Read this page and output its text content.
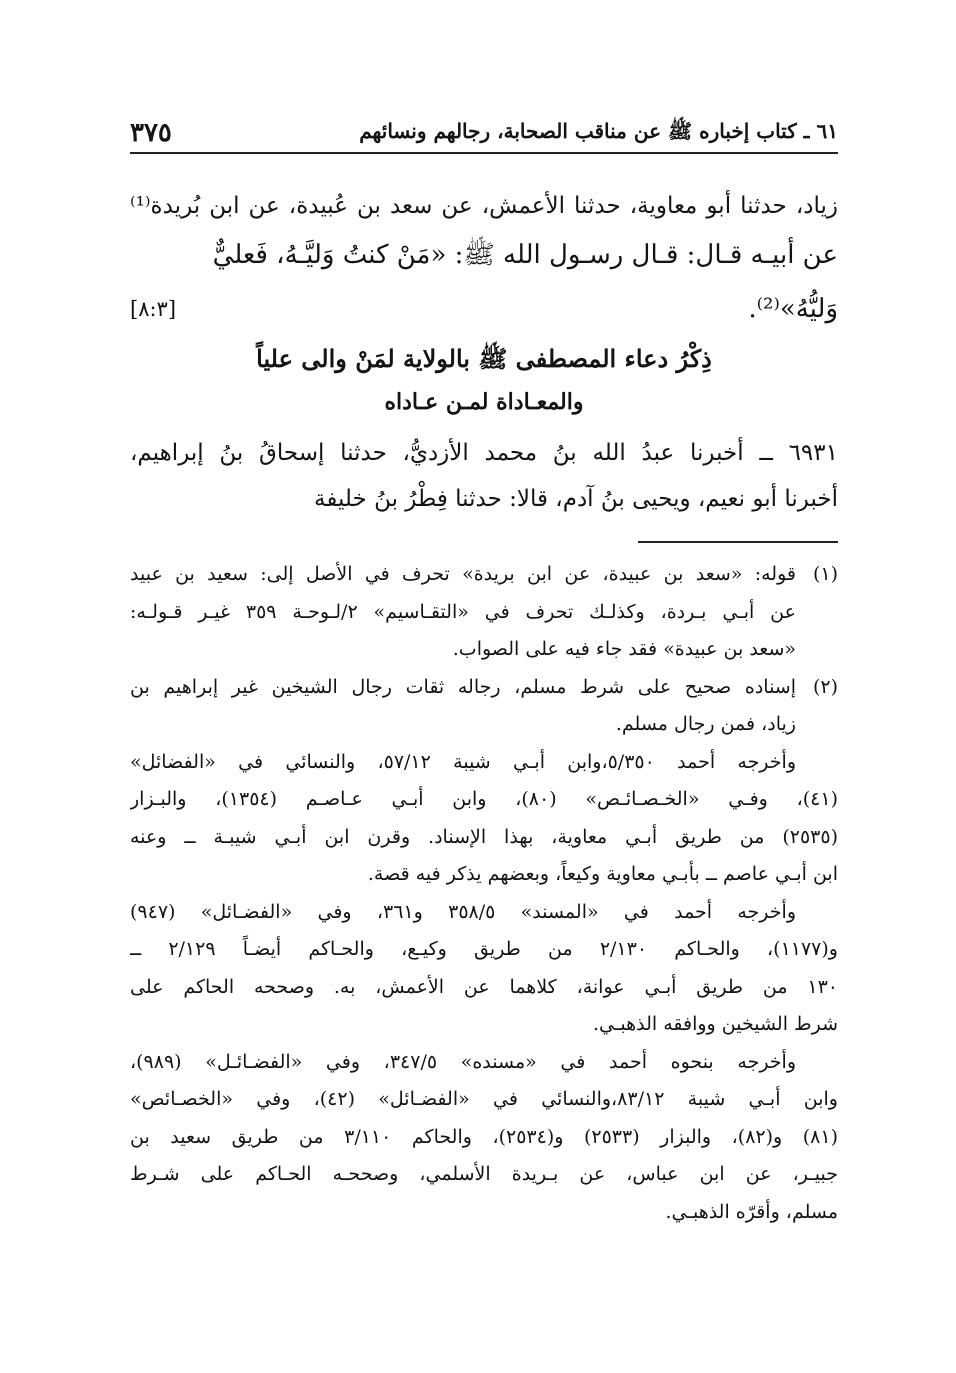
٦١ ـ كتاب إخباره ﷺ عن مناقب الصحابة، رجالهم ونسائهم
٣٧٥
زياد، حدثنا أبو معاوية، حدثنا الأعمش، عن سعد بن عُبيدة، عن ابن بُريدة⁽¹⁾
عن أبيـه قـال: قـال رسـول الله ﷺ: «مَنْ كنتُ وَليَّـهُ، فَعليٌّ
وَليُّهُ»⁽²⁾.
[٨:٣]
ذِكْرُ دعاء المصطفى ﷺ بالولاية لمَنْ والى علياً
والمعـاداة لمـن عـاداه
٦٩٣١ ــ أخبرنا عبدُ الله بنُ محمد الأزديُّ، حدثنا إسحاقُ بنُ إبراهيم،
أخبرنا أبو نعيم، ويحيى بنُ آدم، قالا: حدثنا فِطْرُ بنُ خليفة
(١)
قوله: «سعد بن عبيدة، عن ابن بريدة» تحرف في الأصل إلى: سعيد بن عبيد
عن أبـي بـردة، وكذلـك تحرف في «التقـاسيم» ٢/لـوحـة ٣٥٩ غيـر قـولـه:
«سعد بن عبيدة» فقد جاء فيه على الصواب.
(٢)
إسناده صحيح على شرط مسلم، رجاله ثقات رجال الشيخين غير إبراهيم بن
زياد، فمن رجال مسلم.
وأخرجه أحمد ٥/٣٥٠،وابن أبـي شيبة ٥٧/١٢، والنسائي في «الفضائل»
(٤١)، وفـي «الخـصـائـص» (٨٠)، وابن أبـي عـاصـم (١٣٥٤)، والبـزار
(٢٥٣٥) من طريق أبـي معاوية، بهذا الإسناد. وقرن ابن أبـي شيبـة ــ وعنه
ابن أبـي عاصم ــ بأبـي معاوية وكيعاً، وبعضهم يذكر فيه قصة.
وأخرجه أحمد في «المسند» ٣٥٨/٥ و٣٦١، وفي «الفضـائل» (٩٤٧)
و(١١٧٧)، والحـاكم ٢/١٣٠ من طريق وكيـع، والحـاكم أيضـاً ٢/١٢٩ ــ
١٣٠ من طريق أبـي عوانة، كلاهما عن الأعمش، به. وصححه الحاكم على
شرط الشيخين ووافقه الذهبـي.
وأخرجه بنحوه أحمد في «مسنده» ٣٤٧/٥، وفي «الفضـائـل» (٩٨٩)،
وابن أبـي شيبة ٨٣/١٢،والنسائي في «الفضـائل» (٤٢)، وفي «الخصـائص»
(٨١) و(٨٢)، والبزار (٢٥٣٣) و(٢٥٣٤)، والحاكم ٣/١١٠ من طريق سعيد بن
جبيـر، عن ابن عباس، عن بـريدة الأسلمي، وصححـه الحـاكم على شـرط
مسلم، وأقرّه الذهبـي.
